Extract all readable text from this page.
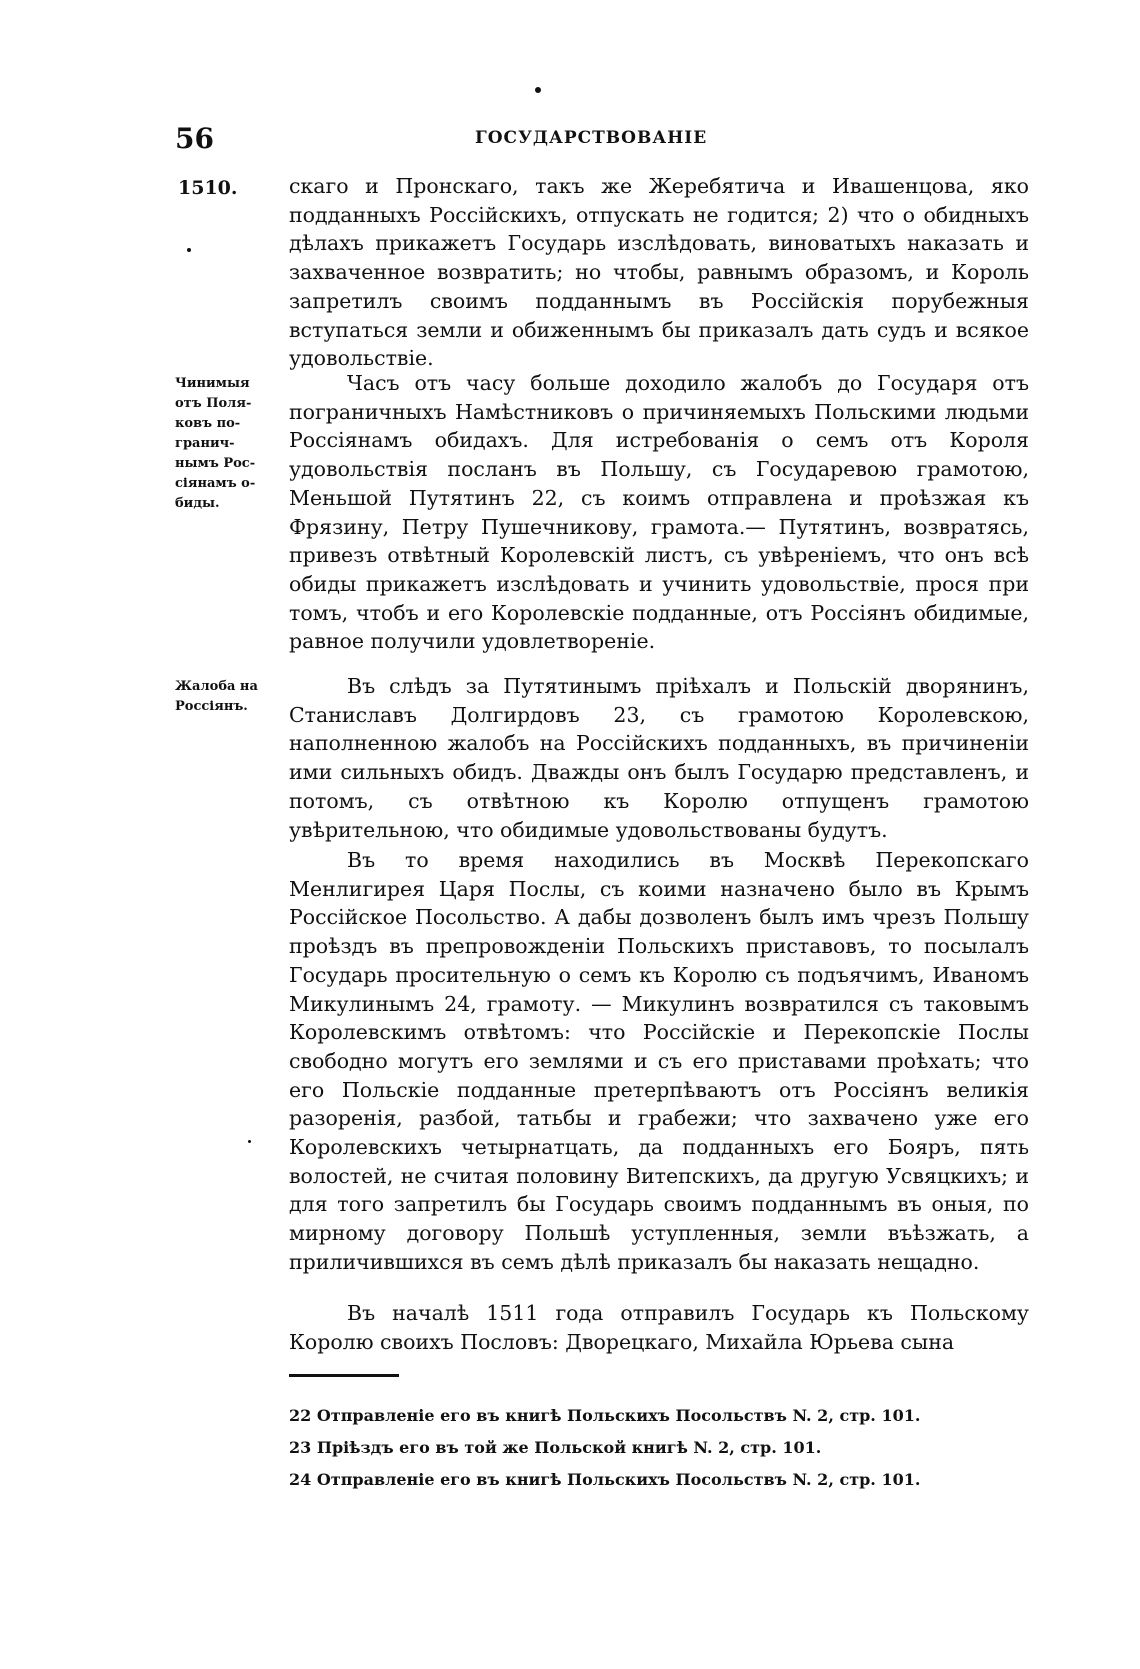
56	ГОСУДАРСТВОВАНІЕ
1510.
Чинимыя
отъ Поля-
ковъ по-
гранич-
нымъ Рос-
сіянамъ о-
биды.
Жалоба на
Россіянъ.

скаго и Пронскаго, такъ же Жеребятича и Ивашенцова, яко подданныхъ Россійскихъ, отпускать не годится; 2) что о обидныхъ дѣлахъ прикажетъ Государь изслѣдовать, виноватыхъ наказать и захваченное возвратить; но чтобы, равнымъ образомъ, и Король запретилъ своимъ подданнымъ въ Россійскія порубежныя вступаться земли и обиженнымъ бы приказалъ дать судъ и всякое удовольствіе.

Часъ отъ часу больше доходило жалобъ до Государя отъ пограничныхъ Намѣстниковъ о причиняемыхъ Польскими людьми Россіянамъ обидахъ. Для истребованія о семъ отъ Короля удовольствія посланъ въ Польшу, съ Государевою грамотою, Меньшой Путятинъ 22, съ коимъ отправлена и проѣзжая къ Фрязину, Петру Пушечникову, грамота.— Путятинъ, возвратясь, привезъ отвѣтный Королевскій листъ, съ увѣреніемъ, что онъ всѣ обиды прикажетъ изслѣдовать и учинить удовольствіе, прося при томъ, чтобъ и его Королевскіе подданные, отъ Россіянъ обидимые, равное получили удовлетвореніе.

Въ слѣдъ за Путятинымъ пріѣхалъ и Польскій дворянинъ, Станиславъ Долгирдовъ 23, съ грамотою Королевскою, наполненною жалобъ на Россійскихъ подданныхъ, въ причиненіи ими сильныхъ обидъ. Дважды онъ былъ Государю представленъ, и потомъ, съ отвѣтною къ Королю отпущенъ грамотою увѣрительною, что обидимые удовольствованы будутъ.

Въ то время находились въ Москвѣ Перекопскаго Менлигирея Царя Послы, съ коими назначено было въ Крымъ Россійское Посольство. А дабы дозволенъ былъ имъ чрезъ Польшу проѣздъ въ препровожденіи Польскихъ приставовъ, то посылалъ Государь просительную о семъ къ Королю съ подъячимъ, Иваномъ Микулинымъ 24, грамоту. — Микулинъ возвратился съ таковымъ Королевскимъ отвѣтомъ: что Россійскіе и Перекопскіе Послы свободно могутъ его землями и съ его приставами проѣхать; что его Польскіе подданные претерпѣваютъ отъ Россіянъ великія разоренія, разбой, татьбы и грабежи; что захвачено уже его Королевскихъ четырнатцать, да подданныхъ его Бояръ, пять волостей, не считая половину Витепскихъ, да другую Усвяцкихъ; и для того запретилъ бы Государь своимъ подданнымъ въ оныя, по мирному договору Польшѣ уступленныя, земли въѣзжать, а приличившихся въ семъ дѣлѣ приказалъ бы наказать нещадно.

Въ началѣ 1511 года отправилъ Государь къ Польскому Королю своихъ Пословъ: Дворецкаго, Михайла Юрьева сына

22 Отправленіе его въ книгѣ Польскихъ Посольствъ N. 2, стр. 101.
23 Пріѣздъ его въ той же Польской книгѣ N. 2, стр. 101.
24 Отправленіе его въ книгѣ Польскихъ Посольствъ N. 2, стр. 101.
